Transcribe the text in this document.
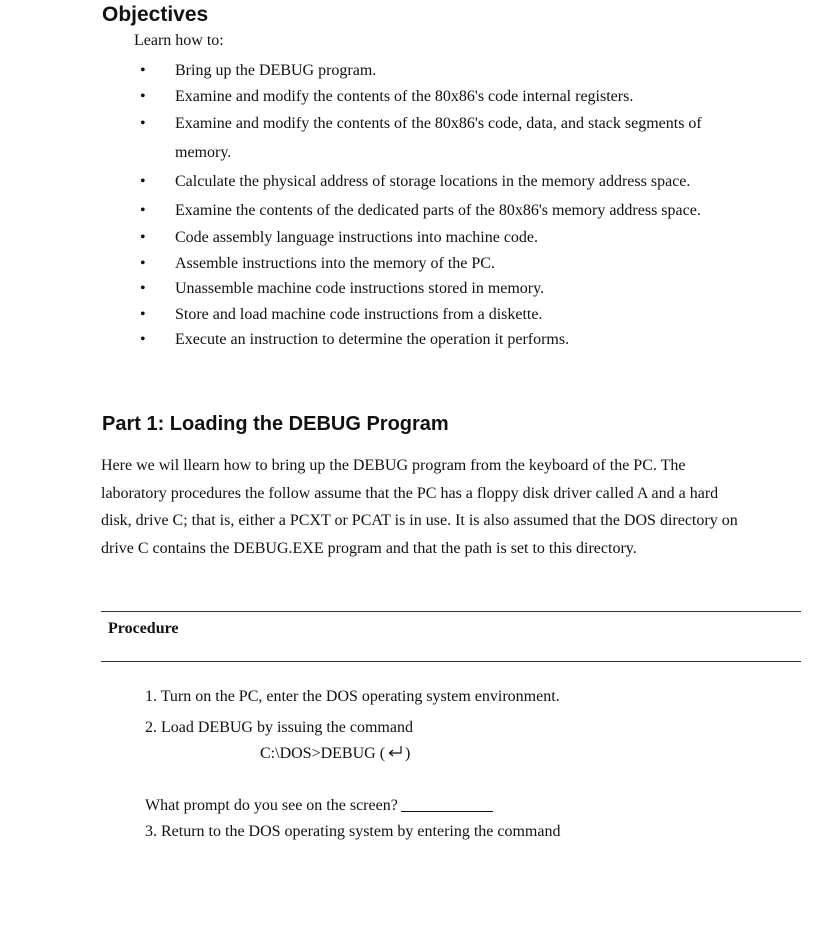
Objectives
Learn how to:
• Bring up the DEBUG program.
• Examine and modify the contents of the 80x86's code internal registers.
• Examine and modify the contents of the 80x86's code, data, and stack segments of memory.
• Calculate the physical address of storage locations in the memory address space.
• Examine the contents of the dedicated parts of the 80x86's memory address space.
• Code assembly language instructions into machine code.
• Assemble instructions into the memory of the PC.
• Unassemble machine code instructions stored in memory.
• Store and load machine code instructions from a diskette.
• Execute an instruction to determine the operation it performs.
Part 1: Loading the DEBUG Program
Here we wil llearn how to bring up the DEBUG program from the keyboard of the PC. The laboratory procedures the follow assume that the PC has a floppy disk driver called A and a hard disk, drive C; that is, either a PCXT or PCAT is in use. It is also assumed that the DOS directory on drive C contains the DEBUG.EXE program and that the path is set to this directory.
Procedure
1. Turn on the PC, enter the DOS operating system environment.
2. Load DEBUG by issuing the command
C:\DOS>DEBUG ( )
What prompt do you see on the screen?
3. Return to the DOS operating system by entering the command
